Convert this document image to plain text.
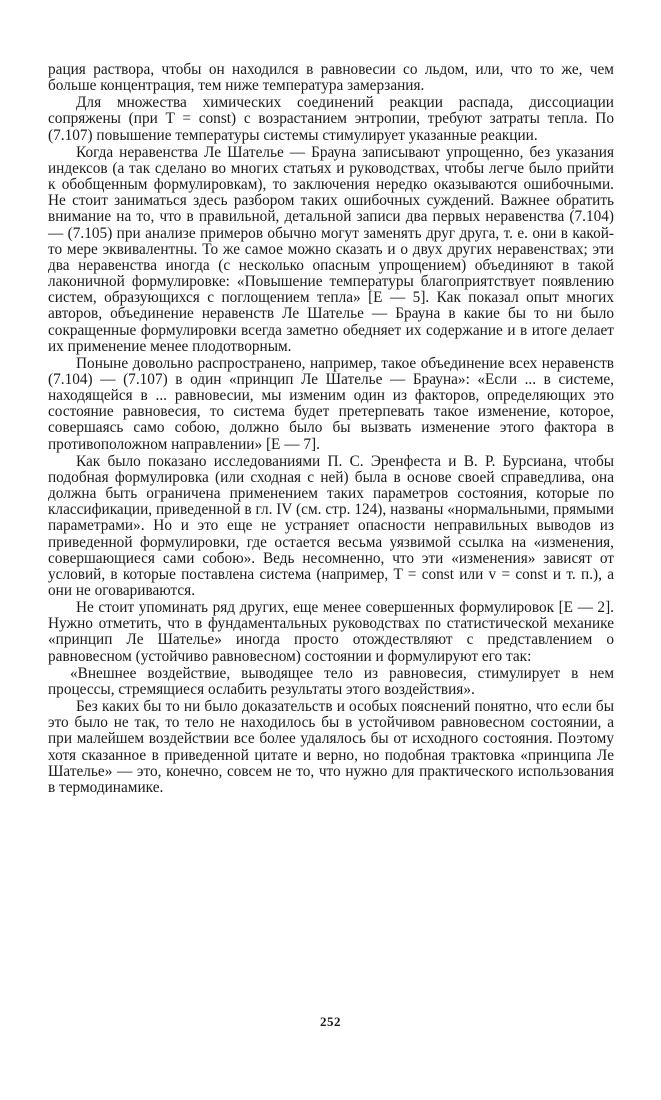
рация раствора, чтобы он находился в равновесии со льдом, или, что то же, чем больше концентрация, тем ниже температура замерзания.

Для множества химических соединений реакции распада, диссоциации сопряжены (при T = const) с возрастанием энтропии, требуют затраты тепла. По (7.107) повышение температуры системы стимулирует указанные реакции.

Когда неравенства Ле Шателье — Брауна записывают упрощенно, без указания индексов (а так сделано во многих статьях и руководствах, чтобы легче было прийти к обобщенным формулировкам), то заключения нередко оказываются ошибочными. Не стоит заниматься здесь разбором таких ошибочных суждений. Важнее обратить внимание на то, что в правильной, детальной записи два первых неравенства (7.104) — (7.105) при анализе примеров обычно могут заменять друг друга, т. е. они в какой-то мере эквивалентны. То же самое можно сказать и о двух других неравенствах; эти два неравенства иногда (с несколько опасным упрощением) объединяют в такой лаконичной формулировке: «Повышение температуры благоприятствует появлению систем, образующихся с поглощением тепла» [Е — 5]. Как показал опыт многих авторов, объединение неравенств Ле Шателье — Брауна в какие бы то ни было сокращенные формулировки всегда заметно обедняет их содержание и в итоге делает их применение менее плодотворным.

Поныне довольно распространено, например, такое объединение всех неравенств (7.104) — (7.107) в один «принцип Ле Шателье — Брауна»: «Если ... в системе, находящейся в ... равновесии, мы изменим один из факторов, определяющих это состояние равновесия, то система будет претерпевать такое изменение, которое, совершаясь само собою, должно было бы вызвать изменение этого фактора в противоположном направлении» [Е — 7].

Как было показано исследованиями П. С. Эренфеста и В. Р. Бурсиана, чтобы подобная формулировка (или сходная с ней) была в основе своей справедлива, она должна быть ограничена применением таких параметров состояния, которые по классификации, приведенной в гл. IV (см. стр. 124), названы «нормальными, прямыми параметрами». Но и это еще не устраняет опасности неправильных выводов из приведенной формулировки, где остается весьма уязвимой ссылка на «изменения, совершающиеся сами собою». Ведь несомненно, что эти «изменения» зависят от условий, в которые поставлена система (например, T = const или v = const и т. п.), а они не оговариваются.

Не стоит упоминать ряд других, еще менее совершенных формулировок [Е — 2]. Нужно отметить, что в фундаментальных руководствах по статистической механике «принцип Ле Шателье» иногда просто отождествляют с представлением о равновесном (устойчиво равновесном) состоянии и формулируют его так:

«Внешнее воздействие, выводящее тело из равновесия, стимулирует в нем процессы, стремящиеся ослабить результаты этого воздействия».

Без каких бы то ни было доказательств и особых пояснений понятно, что если бы это было не так, то тело не находилось бы в устойчивом равновесном состоянии, а при малейшем воздействии все более удалялось бы от исходного состояния. Поэтому хотя сказанное в приведенной цитате и верно, но подобная трактовка «принципа Ле Шателье» — это, конечно, совсем не то, что нужно для практического использования в термодинамике.

252
